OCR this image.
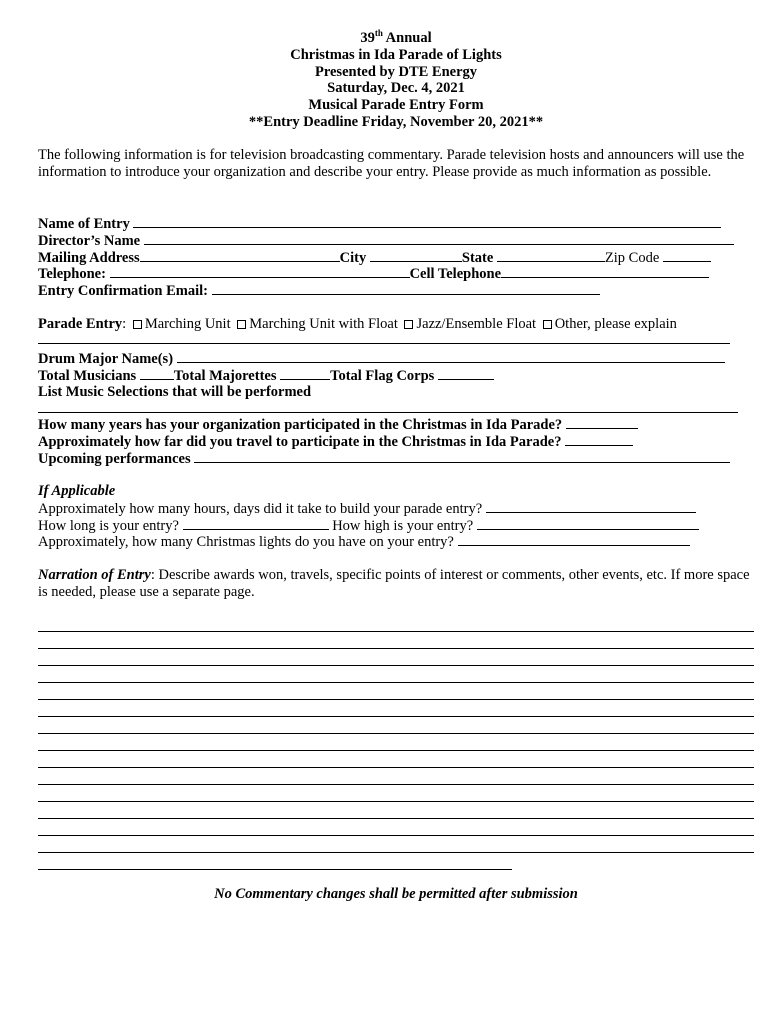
39th Annual
Christmas in Ida Parade of Lights
Presented by DTE Energy
Saturday, Dec. 4, 2021
Musical Parade Entry Form
**Entry Deadline Friday, November 20, 2021**
The following information is for television broadcasting commentary. Parade television hosts and announcers will use the information to introduce your organization and describe your entry. Please provide as much information as possible.
Name of Entry
Director’s Name
Mailing Address	City	State	Zip Code
Telephone:	Cell Telephone
Entry Confirmation Email:
Parade Entry: Marching Unit Marching Unit with Float Jazz/Ensemble Float Other, please explain
Drum Major Name(s)
Total Musicians	Total Majorettes	Total Flag Corps
List Music Selections that will be performed
How many years has your organization participated in the Christmas in Ida Parade?
Approximately how far did you travel to participate in the Christmas in Ida Parade?
Upcoming performances
If Applicable
Approximately how many hours, days did it take to build your parade entry?
How long is your entry?	How high is your entry?
Approximately, how many Christmas lights do you have on your entry?
Narration of Entry: Describe awards won, travels, specific points of interest or comments, other events, etc. If more space is needed, please use a separate page.
No Commentary changes shall be permitted after submission
